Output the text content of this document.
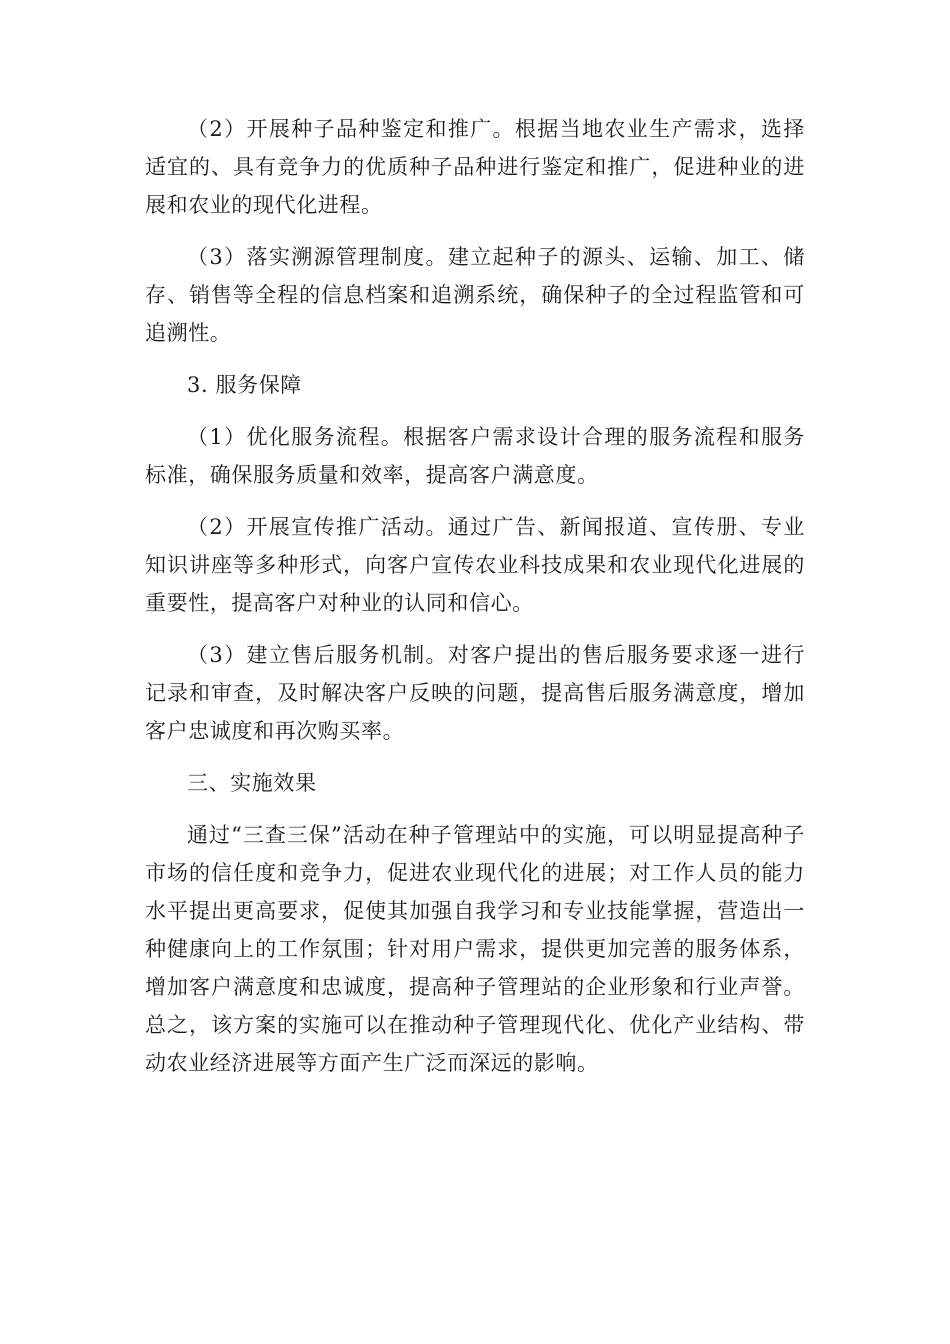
（2）开展种子品种鉴定和推广。根据当地农业生产需求，选择适宜的、具有竞争力的优质种子品种进行鉴定和推广，促进种业的进展和农业的现代化进程。

（3）落实溯源管理制度。建立起种子的源头、运输、加工、储存、销售等全程的信息档案和追溯系统，确保种子的全过程监管和可追溯性。

3. 服务保障

（1）优化服务流程。根据客户需求设计合理的服务流程和服务标准，确保服务质量和效率，提高客户满意度。

（2）开展宣传推广活动。通过广告、新闻报道、宣传册、专业知识讲座等多种形式，向客户宣传农业科技成果和农业现代化进展的重要性，提高客户对种业的认同和信心。

（3）建立售后服务机制。对客户提出的售后服务要求逐一进行记录和审查，及时解决客户反映的问题，提高售后服务满意度，增加客户忠诚度和再次购买率。

三、实施效果

通过“三查三保”活动在种子管理站中的实施，可以明显提高种子市场的信任度和竞争力，促进农业现代化的进展；对工作人员的能力水平提出更高要求，促使其加强自我学习和专业技能掌握，营造出一种健康向上的工作氛围；针对用户需求，提供更加完善的服务体系，增加客户满意度和忠诚度，提高种子管理站的企业形象和行业声誉。总之，该方案的实施可以在推动种子管理现代化、优化产业结构、带动农业经济进展等方面产生广泛而深远的影响。
